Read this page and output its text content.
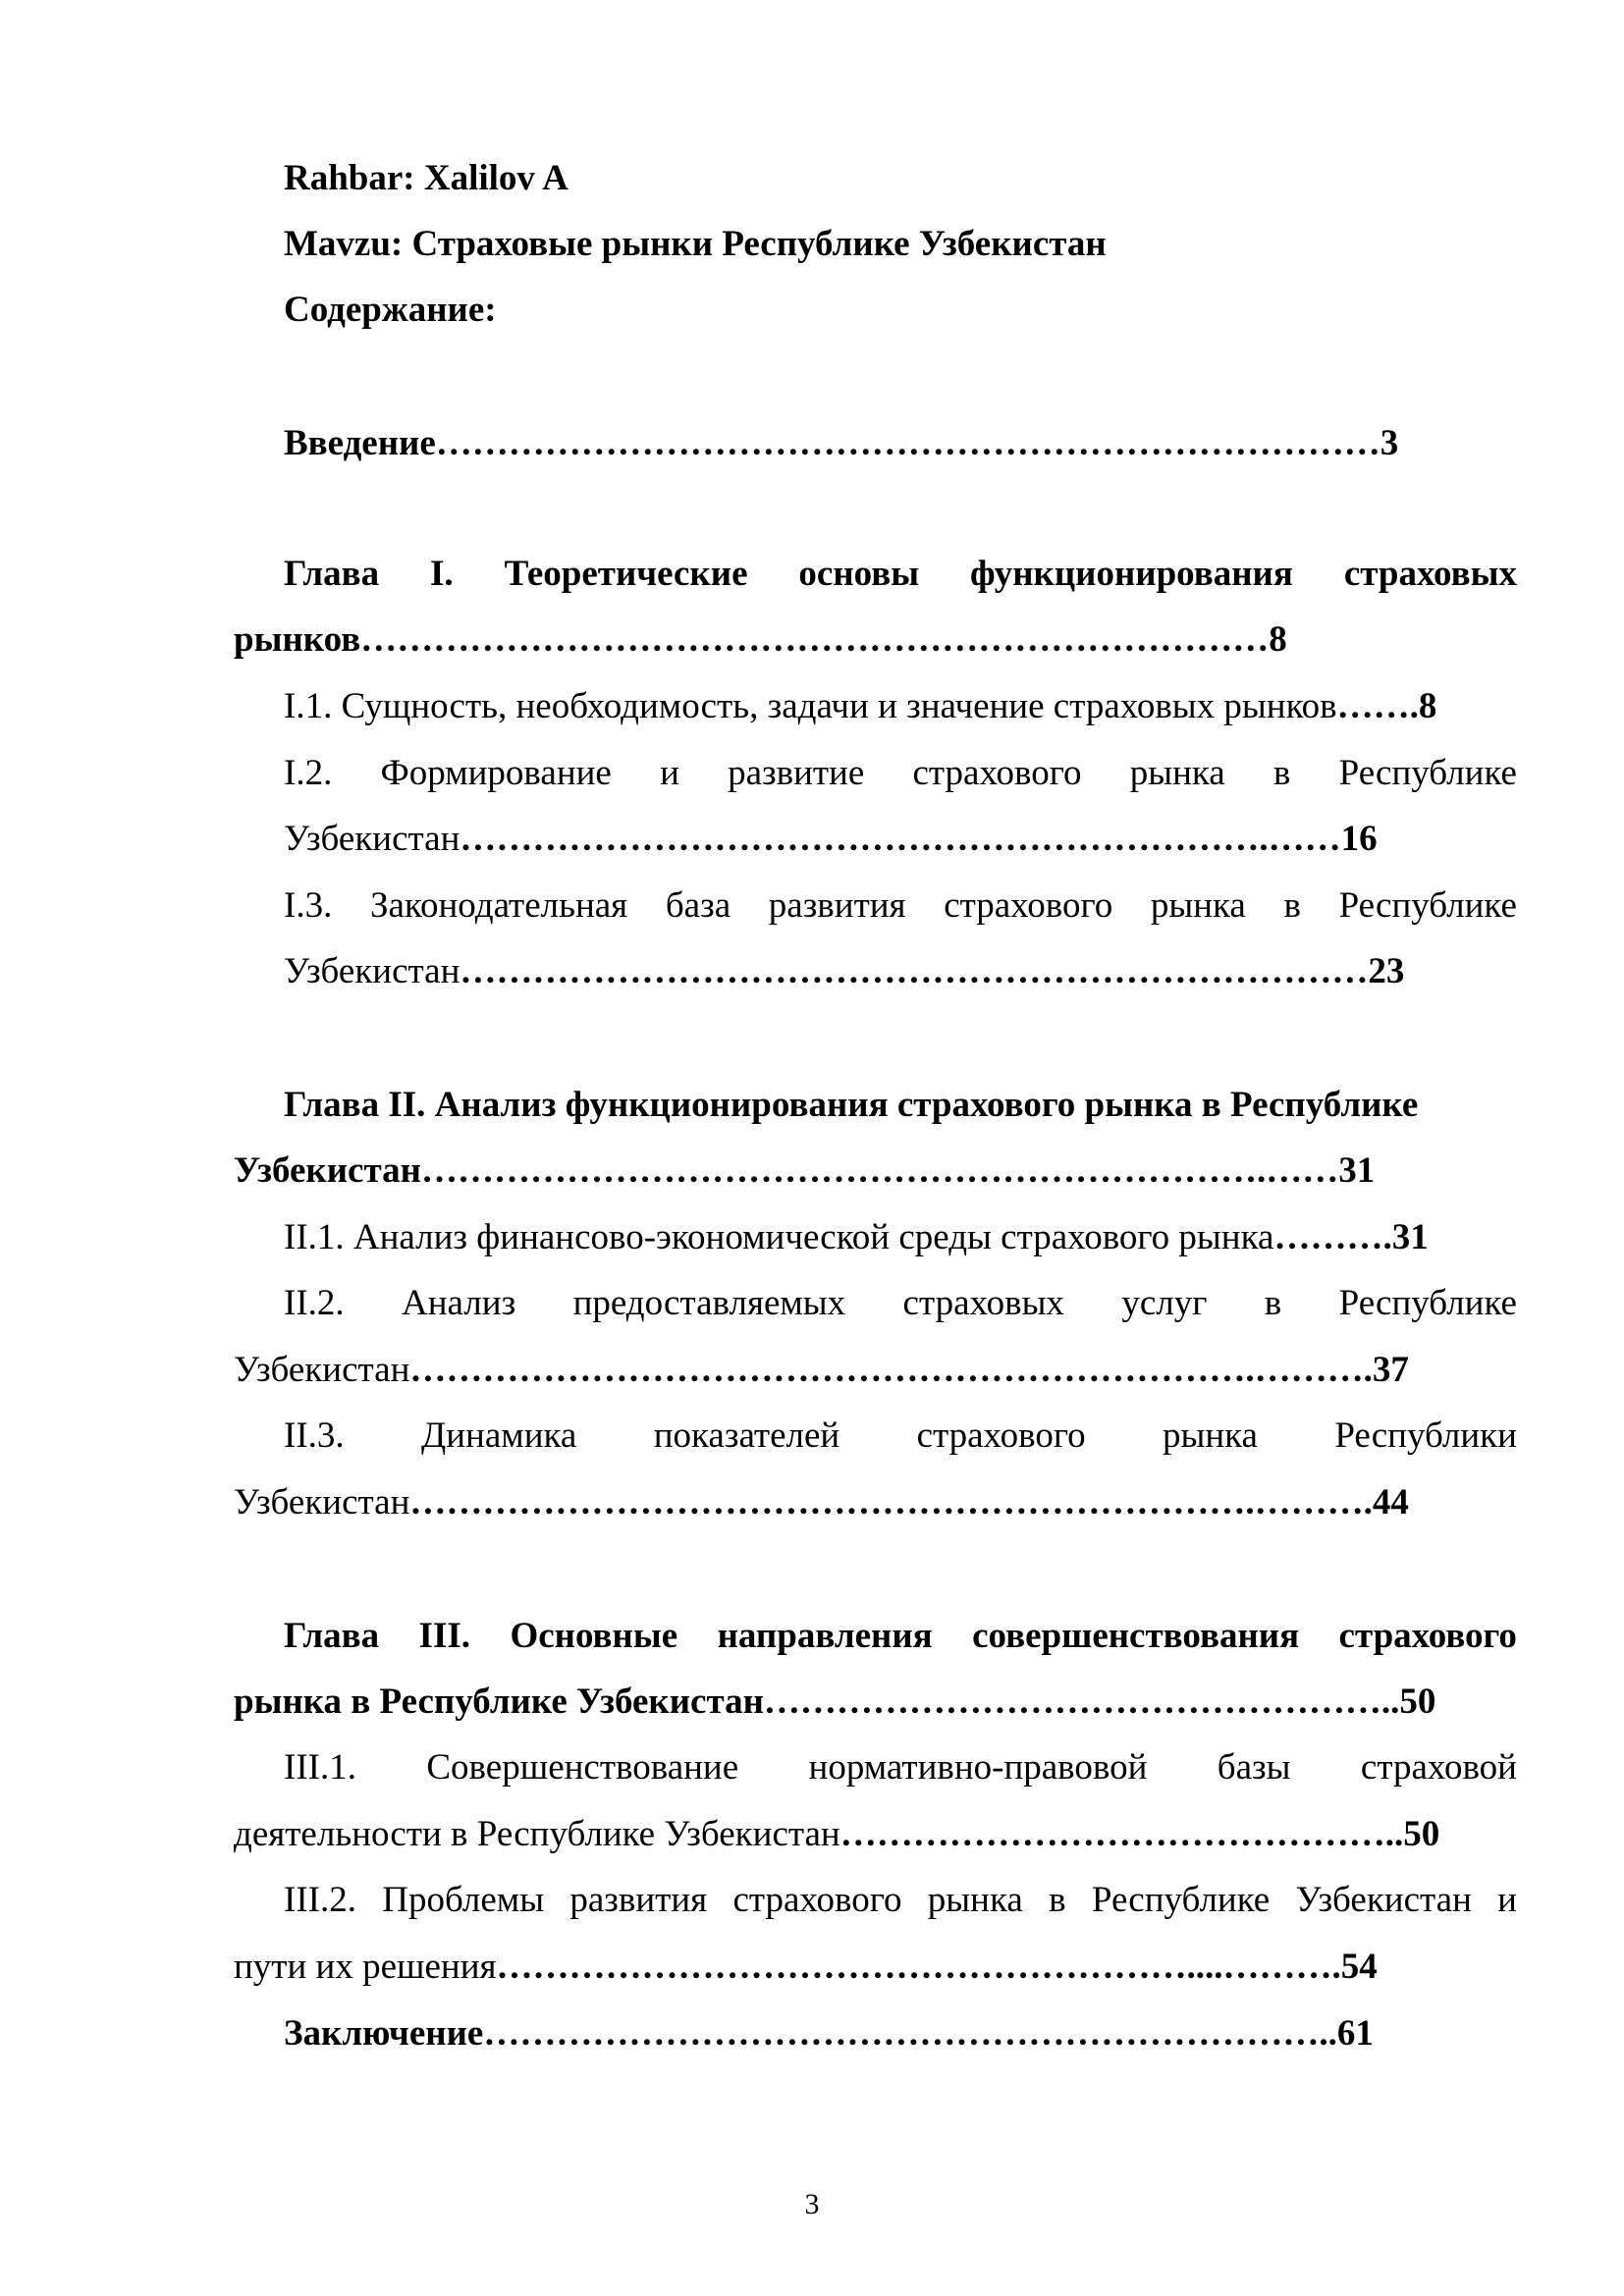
Rahbar: Xalilov A
Mavzu: Страховые рынки Республике Узбекистан
Содержание:
Введение……………………………………………………………………3
Глава I. Теоретические основы функционирования страховых
рынков…………………………………………………………………8
I.1. Сущность, необходимость, задачи и значение страховых рынков…….8
I.2. Формирование и развитие страхового рынка в Республике
Узбекистан………………………………………………………….……16
I.3. Законодательная база развития страхового рынка в Республике
Узбекистан…………………………………………………………………23
Глава II. Анализ функционирования страхового рынка в Республике
Узбекистан…………………………………………………………….……31
II.1. Анализ финансово-экономической среды страхового рынка……….31
II.2. Анализ предоставляемых страховых услуг в Республике
Узбекистан…………………………………………………………….……….37
II.3. Динамика показателей страхового рынка Республики
Узбекистан…………………………………………………………….……….44
Глава III. Основные направления совершенствования страхового
рынка в Республике Узбекистан……………………………………………..50
III.1. Совершенствование нормативно-правовой базы страховой
деятельности в Республике Узбекистан………………………………………..50
III.2. Проблемы развития страхового рынка в Республике Узбекистан и
пути их решения…………………………………………………....……….54
Заключение……………………………………………………………..61
3
